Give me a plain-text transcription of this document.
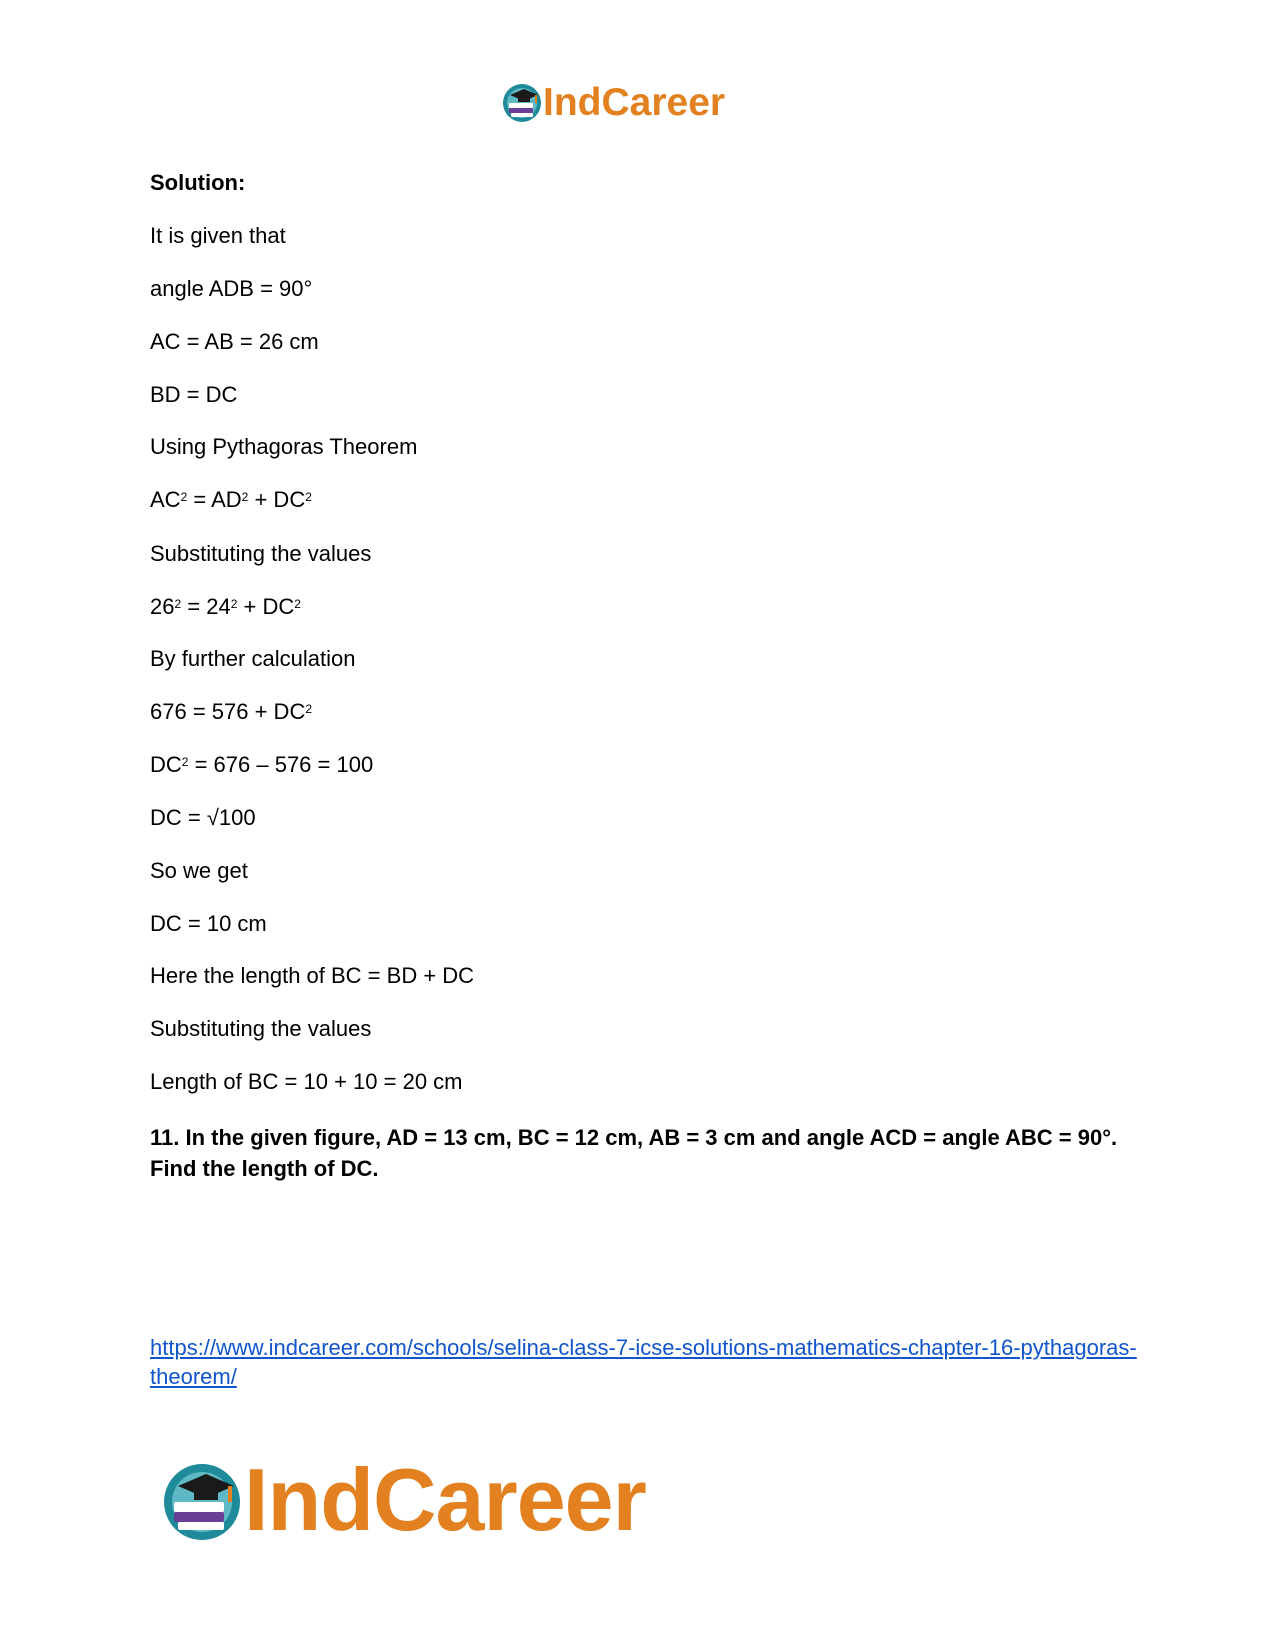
IndCareer
Solution:
It is given that
angle ADB = 90°
AC = AB = 26 cm
BD = DC
Using Pythagoras Theorem
$AC^2 = AD^2 + DC^2$
Substituting the values
$26^2 = 24^2 + DC^2$
By further calculation
$676 = 576 + DC^2$
$DC^2 = 676 - 576 = 100$
DC = √100
So we get
DC = 10 cm
Here the length of BC = BD + DC
Substituting the values
Length of BC = 10 + 10 = 20 cm
11. In the given figure, AD = 13 cm, BC = 12 cm, AB = 3 cm and angle ACD = angle ABC = 90°. Find the length of DC.
https://www.indcareer.com/schools/selina-class-7-icse-solutions-mathematics-chapter-16-pythagoras-theorem/
IndCareer
